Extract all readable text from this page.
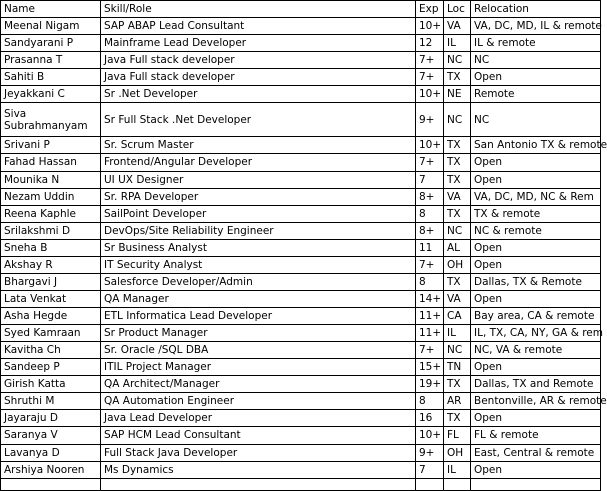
Name	Skill/Role	Exp	Loc	Relocation
Meenal Nigam	SAP ABAP Lead Consultant	10+	VA	VA, DC, MD, IL & remote
Sandyarani P	Mainframe Lead Developer	12	IL	IL & remote
Prasanna T	Java Full stack developer	7+	NC	NC
Sahiti B	Java Full stack developer	7+	TX	Open
Jeyakkani C	Sr .Net Developer	10+	NE	Remote
Siva Subrahmanyam	Sr Full Stack .Net Developer	9+	NC	NC
Srivani P	Sr. Scrum Master	10+	TX	San Antonio TX & remote
Fahad Hassan	Frontend/Angular Developer	7+	TX	Open
Mounika N	UI UX Designer	7	TX	Open
Nezam Uddin	Sr. RPA Developer	8+	VA	VA, DC, MD, NC & Rem
Reena Kaphle	SailPoint Developer	8	TX	TX & remote
Srilakshmi D	DevOps/Site Reliability Engineer	8+	NC	NC & remote
Sneha B	Sr Business Analyst	11	AL	Open
Akshay R	IT Security Analyst	7+	OH	Open
Bhargavi J	Salesforce Developer/Admin	8	TX	Dallas, TX & Remote
Lata Venkat	QA Manager	14+	VA	Open
Asha Hegde	ETL Informatica Lead Developer	11+	CA	Bay area, CA & remote
Syed Kamraan	Sr Product Manager	11+	IL	IL, TX, CA, NY, GA & rem
Kavitha Ch	Sr. Oracle /SQL DBA	7+	NC	NC, VA & remote
Sandeep P	ITIL Project Manager	15+	TN	Open
Girish Katta	QA Architect/Manager	19+	TX	Dallas, TX and Remote
Shruthi M	QA Automation Engineer	8	AR	Bentonville, AR & remote
Jayaraju D	Java Lead Developer	16	TX	Open
Saranya V	SAP HCM Lead Consultant	10+	FL	FL & remote
Lavanya D	Full Stack Java Developer	9+	OH	East, Central & remote
Arshiya Nooren	Ms Dynamics	7	IL	Open
